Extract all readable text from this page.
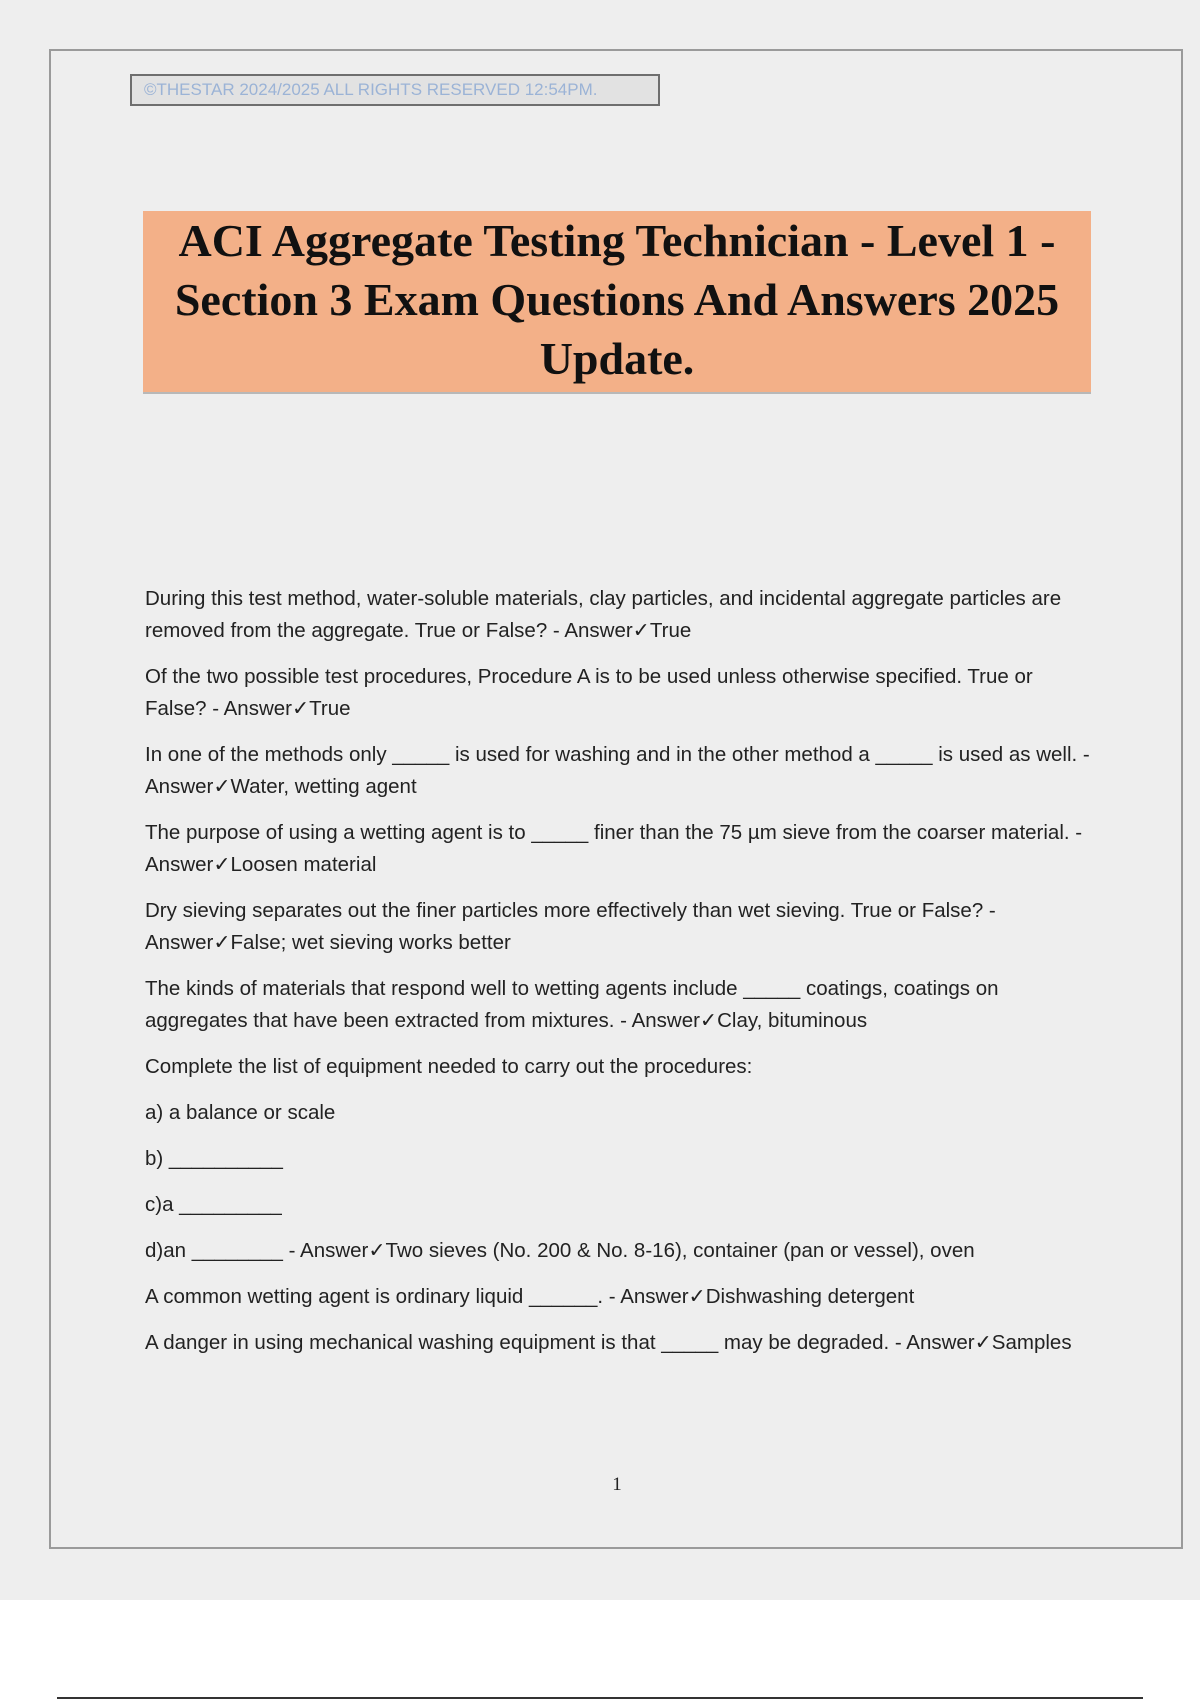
©THESTAR 2024/2025 ALL RIGHTS RESERVED 12:54PM.
ACI Aggregate Testing Technician - Level 1 - Section 3 Exam Questions And Answers 2025 Update.

During this test method, water-soluble materials, clay particles, and incidental aggregate particles are removed from the aggregate. True or False? - Answer✓True

Of the two possible test procedures, Procedure A is to be used unless otherwise specified. True or False? - Answer✓True

In one of the methods only _____ is used for washing and in the other method a _____ is used as well. - Answer✓Water, wetting agent

The purpose of using a wetting agent is to _____ finer than the 75 µm sieve from the coarser material. - Answer✓Loosen material

Dry sieving separates out the finer particles more effectively than wet sieving. True or False? - Answer✓False; wet sieving works better

The kinds of materials that respond well to wetting agents include _____ coatings, coatings on aggregates that have been extracted from mixtures. - Answer✓Clay, bituminous

Complete the list of equipment needed to carry out the procedures:

a) a balance or scale

b) __________

c)a _________

d)an ________ - Answer✓Two sieves (No. 200 & No. 8-16), container (pan or vessel), oven

A common wetting agent is ordinary liquid ______. - Answer✓Dishwashing detergent

A danger in using mechanical washing equipment is that _____ may be degraded. - Answer✓Samples

1
